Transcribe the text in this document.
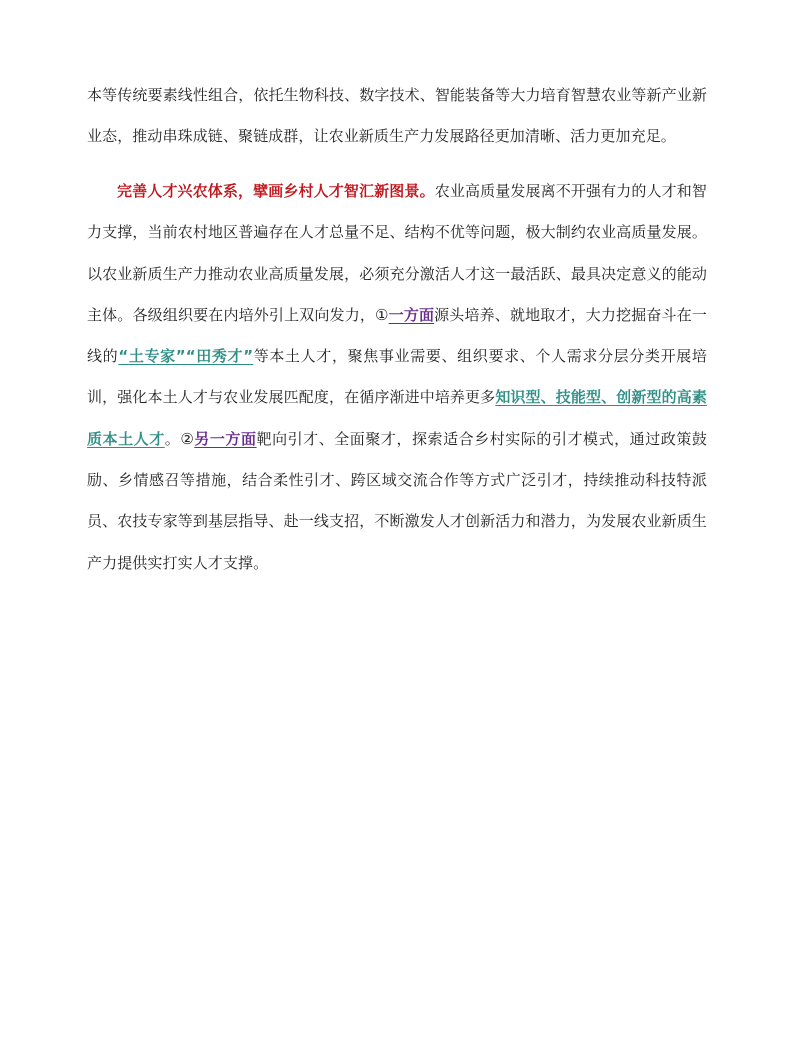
本等传统要素线性组合，依托生物科技、数字技术、智能装备等大力培育智慧农业等新产业新业态，推动串珠成链、聚链成群，让农业新质生产力发展路径更加清晰、活力更加充足。

完善人才兴农体系，擘画乡村人才智汇新图景。农业高质量发展离不开强有力的人才和智力支撑，当前农村地区普遍存在人才总量不足、结构不优等问题，极大制约农业高质量发展。以农业新质生产力推动农业高质量发展，必须充分激活人才这一最活跃、最具决定意义的能动主体。各级组织要在内培外引上双向发力，①一方面源头培养、就地取才，大力挖掘奋斗在一线的“土专家”“田秀才”等本土人才，聚焦事业需要、组织要求、个人需求分层分类开展培训，强化本土人才与农业发展匹配度，在循序渐进中培养更多知识型、技能型、创新型的高素质本土人才。②另一方面靶向引才、全面聚才，探索适合乡村实际的引才模式，通过政策鼓励、乡情感召等措施，结合柔性引才、跨区域交流合作等方式广泛引才，持续推动科技特派员、农技专家等到基层指导、赴一线支招，不断激发人才创新活力和潜力，为发展农业新质生产力提供实打实人才支撑。
